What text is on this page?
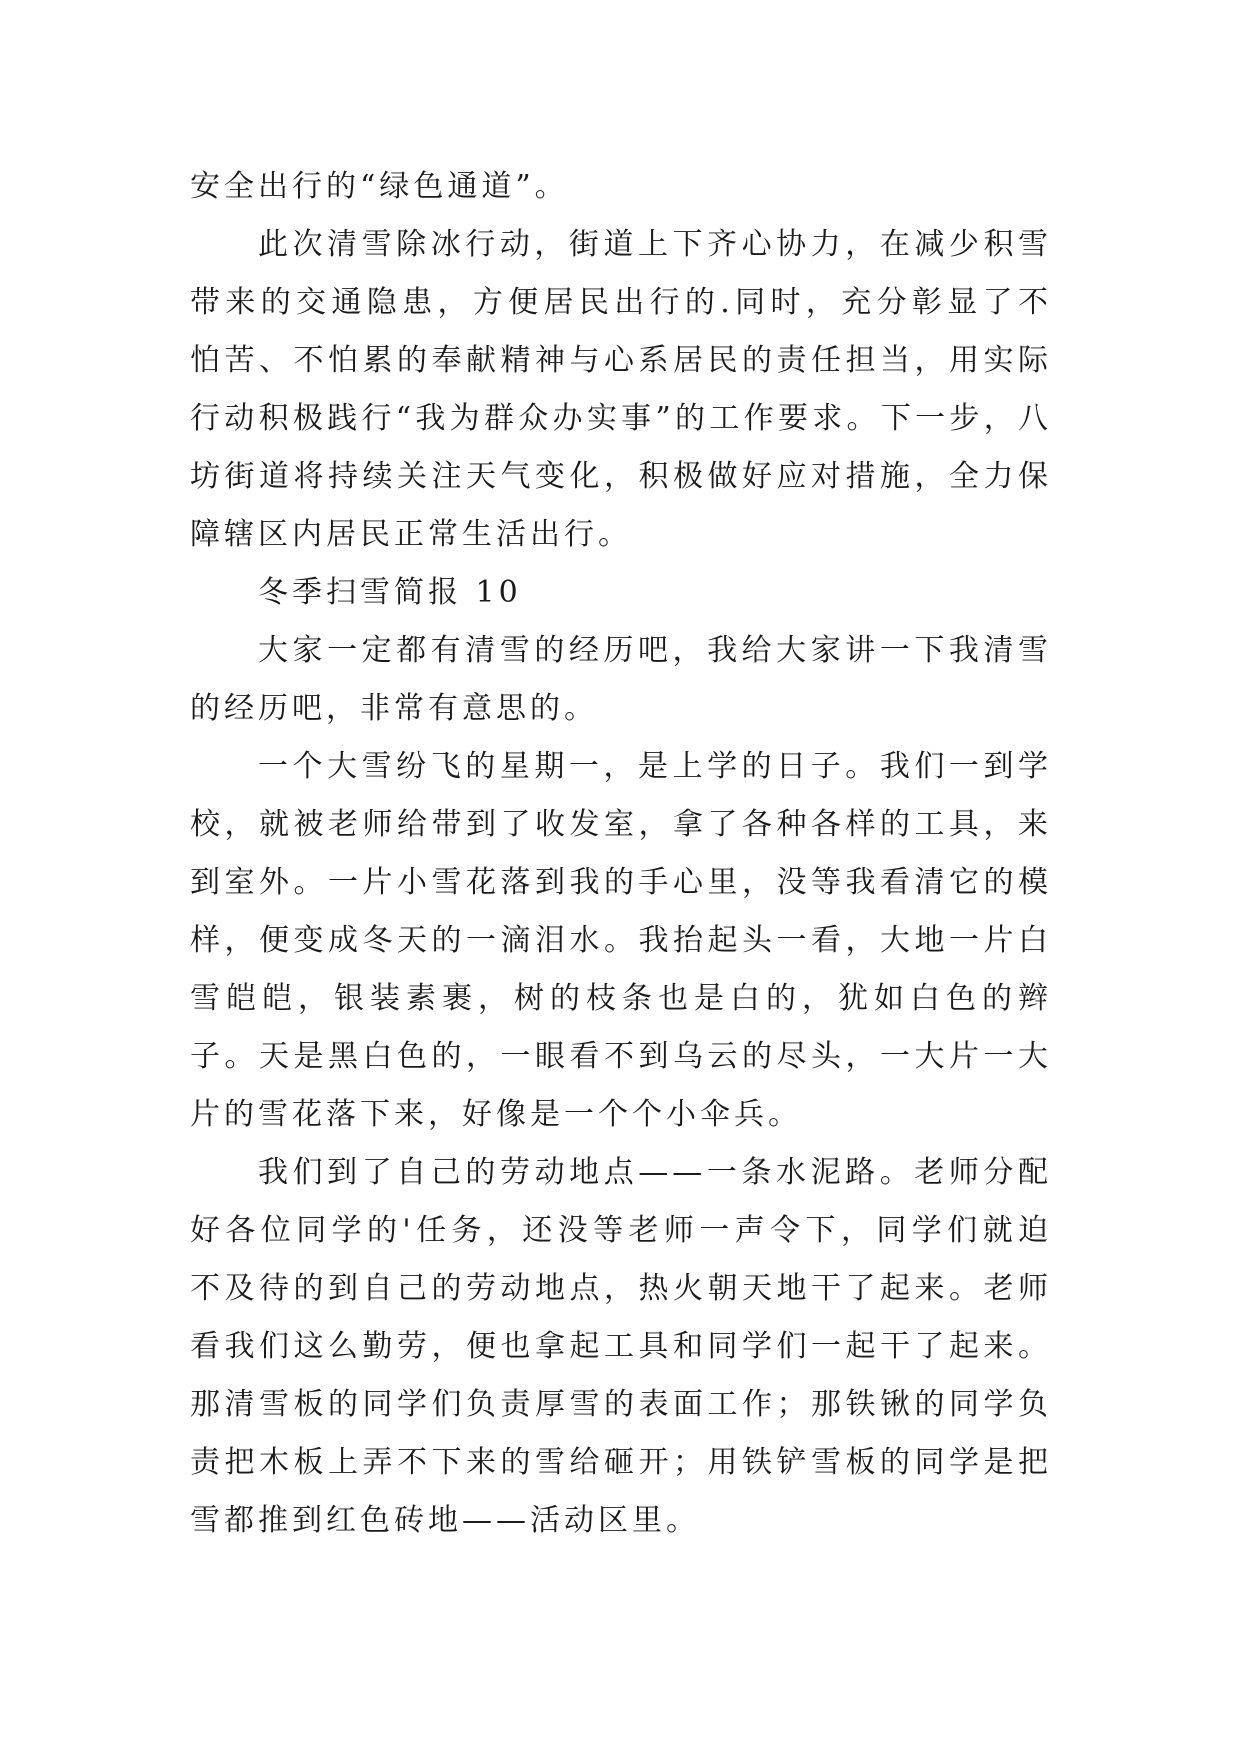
安全出行的“绿色通道”。

此次清雪除冰行动，街道上下齐心协力，在减少积雪带来的交通隐患，方便居民出行的.同时，充分彰显了不怕苦、不怕累的奉献精神与心系居民的责任担当，用实际行动积极践行“我为群众办实事”的工作要求。下一步，八坊街道将持续关注天气变化，积极做好应对措施，全力保障辖区内居民正常生活出行。

冬季扫雪简报 10

大家一定都有清雪的经历吧，我给大家讲一下我清雪的经历吧，非常有意思的。

一个大雪纷飞的星期一，是上学的日子。我们一到学校，就被老师给带到了收发室，拿了各种各样的工具，来到室外。一片小雪花落到我的手心里，没等我看清它的模样，便变成冬天的一滴泪水。我抬起头一看，大地一片白雪皑皑，银装素裹，树的枝条也是白的，犹如白色的辫子。天是黑白色的，一眼看不到乌云的尽头，一大片一大片的雪花落下来，好像是一个个小伞兵。

我们到了自己的劳动地点——一条水泥路。老师分配好各位同学的'任务，还没等老师一声令下，同学们就迫不及待的到自己的劳动地点，热火朝天地干了起来。老师看我们这么勤劳，便也拿起工具和同学们一起干了起来。那清雪板的同学们负责厚雪的表面工作；那铁锹的同学负责把木板上弄不下来的雪给砸开；用铁铲雪板的同学是把雪都推到红色砖地——活动区里。
